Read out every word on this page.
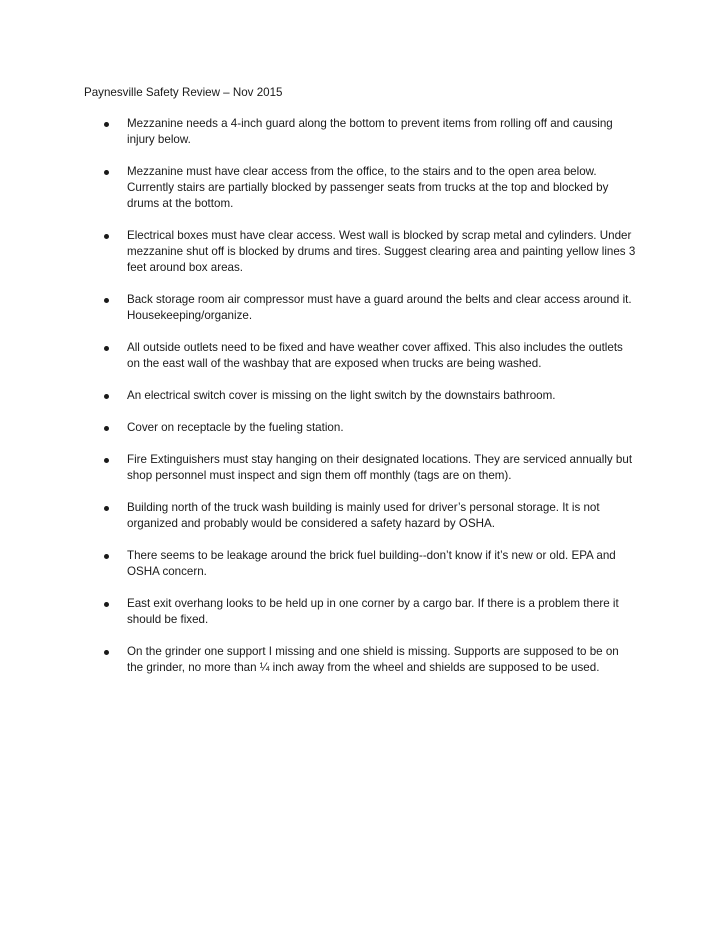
Paynesville Safety Review – Nov 2015
Mezzanine needs a 4-inch guard along the bottom to prevent items from rolling off and causing injury below.
Mezzanine must have clear access from the office, to the stairs and to the open area below. Currently stairs are partially blocked by passenger seats from trucks at the top and blocked by drums at the bottom.
Electrical boxes must have clear access. West wall is blocked by scrap metal and cylinders. Under mezzanine shut off is blocked by drums and tires. Suggest clearing area and painting yellow lines 3 feet around box areas.
Back storage room air compressor must have a guard around the belts and clear access around it. Housekeeping/organize.
All outside outlets need to be fixed and have weather cover affixed. This also includes the outlets on the east wall of the washbay that are exposed when trucks are being washed.
An electrical switch cover is missing on the light switch by the downstairs bathroom.
Cover on receptacle by the fueling station.
Fire Extinguishers must stay hanging on their designated locations. They are serviced annually but shop personnel must inspect and sign them off monthly (tags are on them).
Building north of the truck wash building is mainly used for driver’s personal storage. It is not organized and probably would be considered a safety hazard by OSHA.
There seems to be leakage around the brick fuel building--don’t know if it’s new or old. EPA and OSHA concern.
East exit overhang looks to be held up in one corner by a cargo bar. If there is a problem there it should be fixed.
On the grinder one support I missing and one shield is missing. Supports are supposed to be on the grinder, no more than ¼ inch away from the wheel and shields are supposed to be used.
